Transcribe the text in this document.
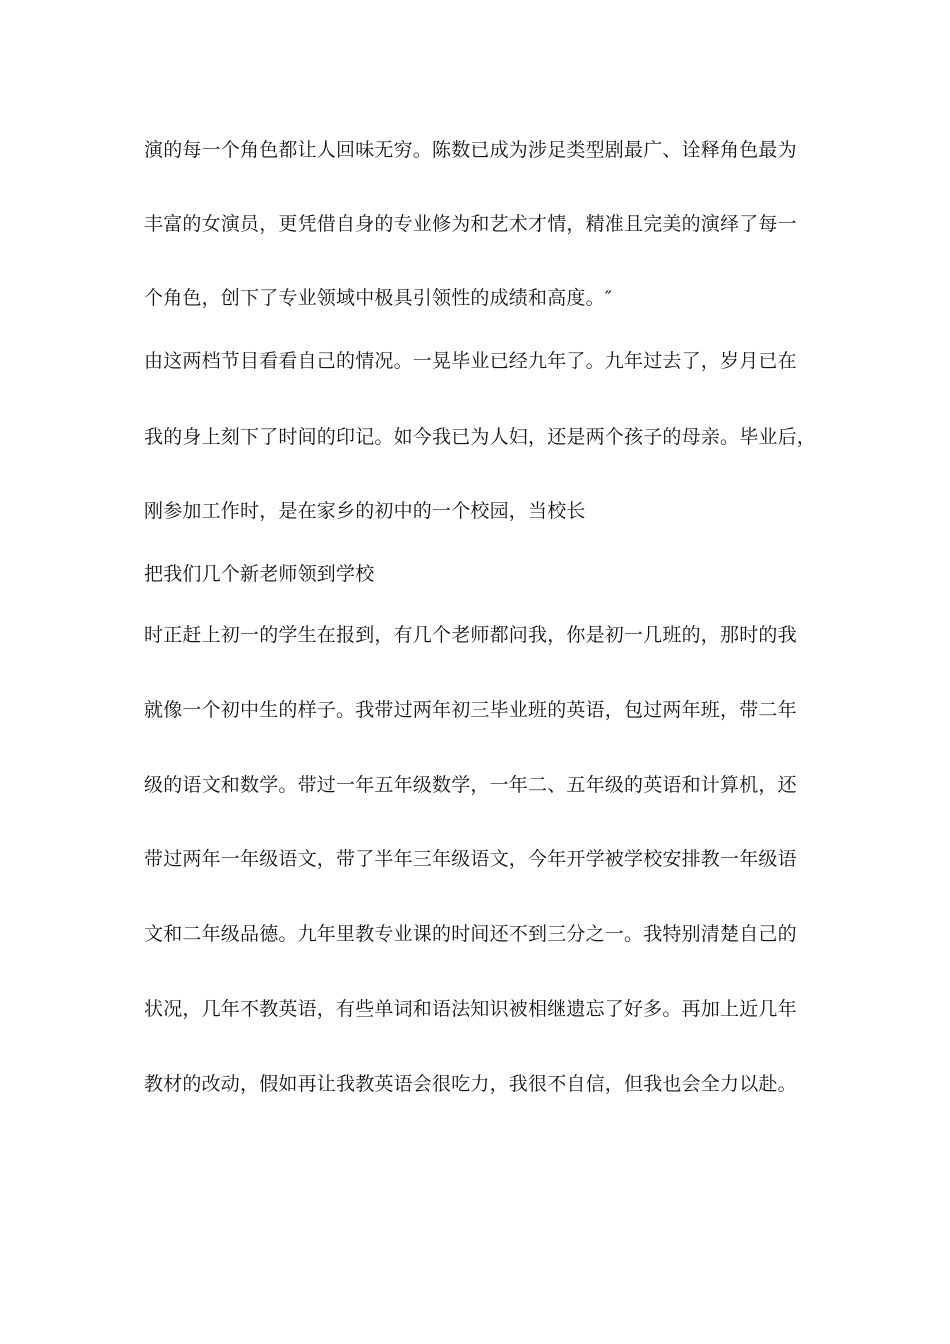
演的每一个角色都让人回味无穷。陈数已成为涉足类型剧最广、诠释角色最为

丰富的女演员，更凭借自身的专业修为和艺术才情，精准且完美的演绎了每一

个角色，创下了专业领域中极具引领性的成绩和高度。″

由这两档节目看看自己的情况。一晃毕业已经九年了。九年过去了，岁月已在

我的身上刻下了时间的印记。如今我已为人妇，还是两个孩子的母亲。毕业后，

刚参加工作时，是在家乡的初中的一个校园，当校长

把我们几个新老师领到学校

时正赶上初一的学生在报到，有几个老师都问我，你是初一几班的，那时的我

就像一个初中生的样子。我带过两年初三毕业班的英语，包过两年班，带二年

级的语文和数学。带过一年五年级数学，一年二、五年级的英语和计算机，还

带过两年一年级语文，带了半年三年级语文，今年开学被学校安排教一年级语

文和二年级品德。九年里教专业课的时间还不到三分之一。我特别清楚自己的

状况，几年不教英语，有些单词和语法知识被相继遗忘了好多。再加上近几年

教材的改动，假如再让我教英语会很吃力，我很不自信，但我也会全力以赴。
